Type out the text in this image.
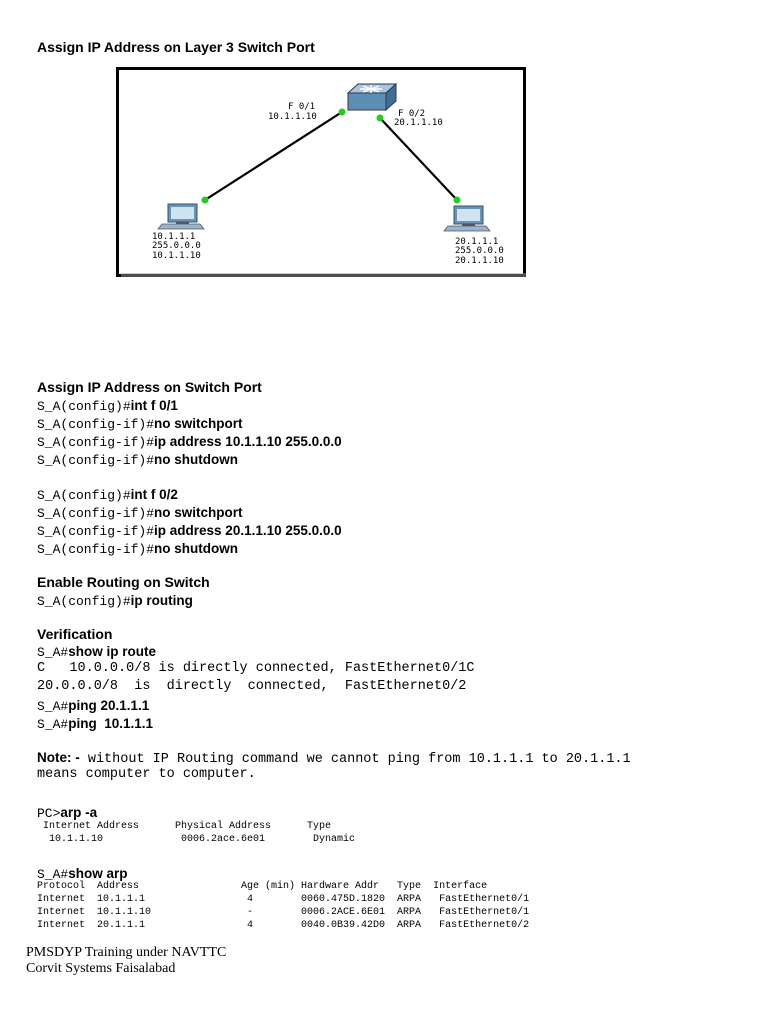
Assign IP Address on Layer 3 Switch Port
F 0/1
10.1.1.10	F 0/2
20.1.1.10
10.1.1.1
255.0.0.0
10.1.1.10
20.1.1.1
255.0.0.0
20.1.1.10
Assign IP Address on Switch Port
S_A(config)#int f 0/1
S_A(config-if)#no switchport
S_A(config-if)#ip address 10.1.1.10 255.0.0.0
S_A(config-if)#no shutdown
S_A(config)#int f 0/2
S_A(config-if)#no switchport
S_A(config-if)#ip address 20.1.1.10 255.0.0.0
S_A(config-if)#no shutdown
Enable Routing on Switch
S_A(config)#ip routing
Verification
S_A#show ip route
C   10.0.0.0/8 is directly connected, FastEthernet0/1C
20.0.0.0/8  is  directly  connected,  FastEthernet0/2
S_A#ping 20.1.1.1
S_A#ping  10.1.1.1
Note: - without IP Routing command we cannot ping from 10.1.1.1 to 20.1.1.1
means computer to computer.
PC>arp -a
Internet Address      Physical Address      Type
10.1.1.10             0006.2ace.6e01        Dynamic
S_A#show arp
Protocol  Address                 Age (min) Hardware Addr   Type  Interface
Internet  10.1.1.1                 4        0060.475D.1820  ARPA   FastEthernet0/1
Internet  10.1.1.10                -        0006.2ACE.6E01  ARPA   FastEthernet0/1
Internet  20.1.1.1                 4        0040.0B39.42D0  ARPA   FastEthernet0/2
PMSDYP Training under NAVTTC
Corvit Systems Faisalabad
